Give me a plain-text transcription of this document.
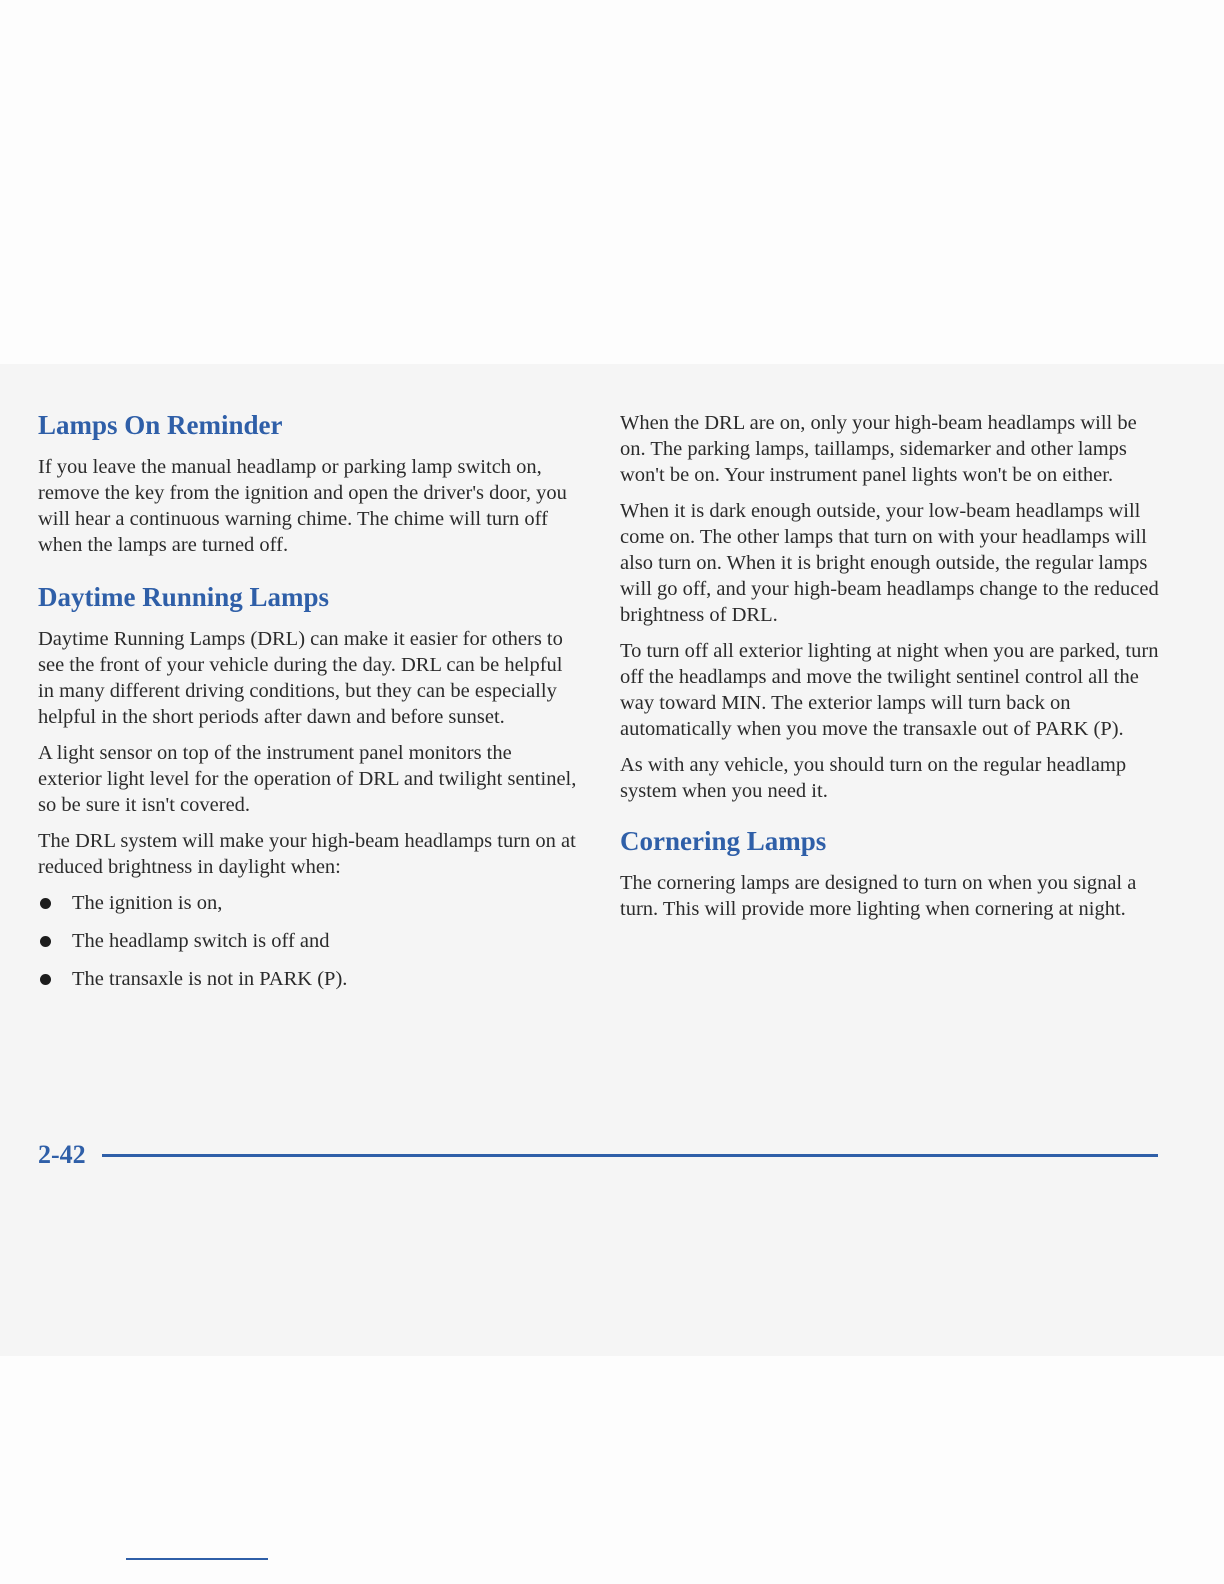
Lamps On Reminder

If you leave the manual headlamp or parking lamp switch on, remove the key from the ignition and open the driver's door, you will hear a continuous warning chime. The chime will turn off when the lamps are turned off.

Daytime Running Lamps

Daytime Running Lamps (DRL) can make it easier for others to see the front of your vehicle during the day. DRL can be helpful in many different driving conditions, but they can be especially helpful in the short periods after dawn and before sunset.

A light sensor on top of the instrument panel monitors the exterior light level for the operation of DRL and twilight sentinel, so be sure it isn't covered.

The DRL system will make your high-beam headlamps turn on at reduced brightness in daylight when:

The ignition is on,
The headlamp switch is off and
The transaxle is not in PARK (P).

When the DRL are on, only your high-beam headlamps will be on. The parking lamps, taillamps, sidemarker and other lamps won't be on. Your instrument panel lights won't be on either.

When it is dark enough outside, your low-beam headlamps will come on. The other lamps that turn on with your headlamps will also turn on. When it is bright enough outside, the regular lamps will go off, and your high-beam headlamps change to the reduced brightness of DRL.

To turn off all exterior lighting at night when you are parked, turn off the headlamps and move the twilight sentinel control all the way toward MIN. The exterior lamps will turn back on automatically when you move the transaxle out of PARK (P).

As with any vehicle, you should turn on the regular headlamp system when you need it.

Cornering Lamps

The cornering lamps are designed to turn on when you signal a turn. This will provide more lighting when cornering at night.

2-42
